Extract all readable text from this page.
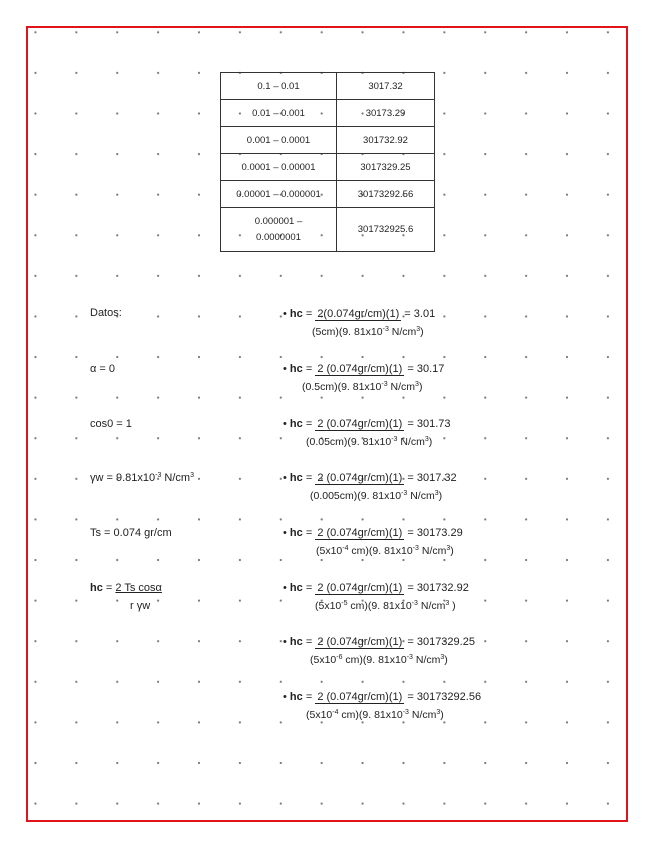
0.1 – 0.01	3017.32
0.01 – 0.001	30173.29
0.001 – 0.0001	301732.92
0.0001 – 0.00001	3017329.25
0.00001 – 0.000001	30173292.56

0.000001 –
0.0000001	301732925.6
Datos:
α = 0
cos0 = 1
$\gamma w = 9.81x10^{-3}$ $N/cm^3$
Ts = 0.074 gr/cm
hc = 2 Ts cosα
r γw
• hc = 2(0.074gr/cm)(1) = 3.01
(5cm)(9. $81x10^{-3}$ $N/cm^3$)
• hc = 2 (0.074gr/cm)(1) = 30.17
(0.5cm)(9. $81x10^{-3}$ $N/cm^3$)
• hc = 2 (0.074gr/cm)(1) = 301.73
(0.05cm)(9. $81x10^{-3}$ $N/cm^3$)
• hc = 2 (0.074gr/cm)(1) = 3017.32
(0.005cm)(9. $81x10^{-3}$ $N/cm^3$)
• hc = 2 (0.074gr/cm)(1) = 30173.29
($5x10^{-4}$ cm)(9. $81x10^{-3}$ $N/cm^3$)
• hc = 2 (0.074gr/cm)(1) = 301732.92
($5x10^{-5}$ cm)(9. $81x10^{-3}$ $N/cm^3$ )
• hc = 2 (0.074gr/cm)(1) = 3017329.25
($5x10^{-6}$ cm)(9. $81x10^{-3}$ $N/cm^3$)
• hc = 2 (0.074gr/cm)(1) = 30173292.56
($5x10^{-4}$ cm)(9. $81x10^{-3}$ $N/cm^3$)
